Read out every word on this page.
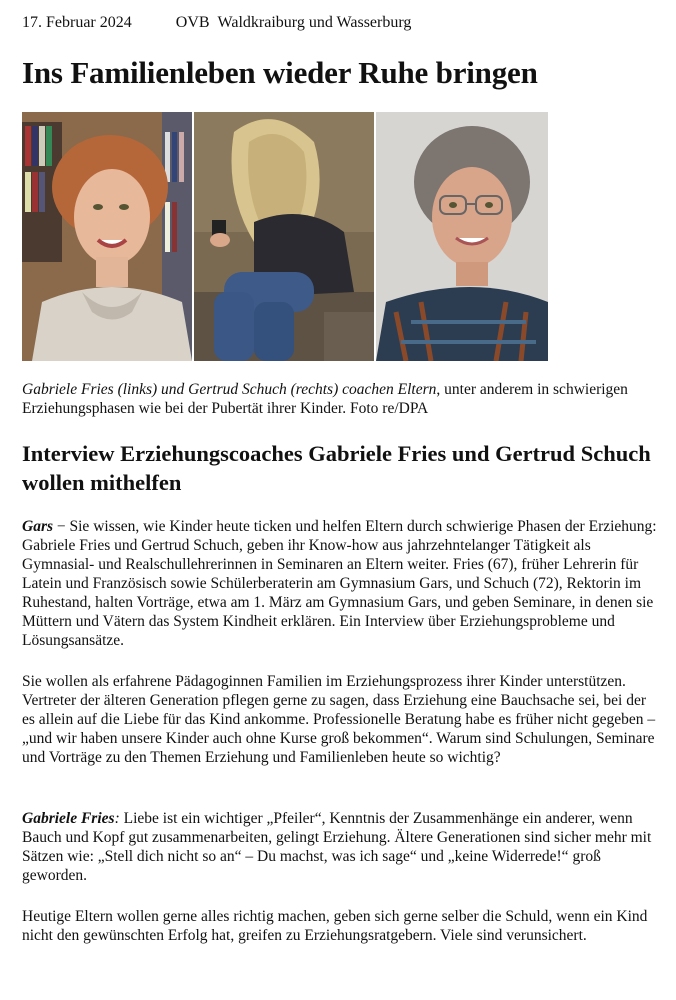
17. Februar 2024	OVB Waldkraiburg und Wasserburg
Ins Familienleben wieder Ruhe bringen
Gabriele Fries (links) und Gertrud Schuch (rechts) coachen Eltern, unter anderem in schwierigen Erziehungsphasen wie bei der Pubertät ihrer Kinder. Foto re/DPA
Interview Erziehungscoaches Gabriele Fries und Gertrud Schuch wollen mithelfen

Gars − Sie wissen, wie Kinder heute ticken und helfen Eltern durch schwierige Phasen der Erziehung: Gabriele Fries und Gertrud Schuch, geben ihr Know-how aus jahrzehntelanger Tätigkeit als Gymnasial- und Realschullehrerinnen in Seminaren an Eltern weiter. Fries (67), früher Lehrerin für Latein und Französisch sowie Schülerberaterin am Gymnasium Gars, und Schuch (72), Rektorin im Ruhestand, halten Vorträge, etwa am 1. März am Gymnasium Gars, und geben Seminare, in denen sie Müttern und Vätern das System Kindheit erklären. Ein Interview über Erziehungsprobleme und Lösungsansätze.

Sie wollen als erfahrene Pädagoginnen Familien im Erziehungsprozess ihrer Kinder unterstützen. Vertreter der älteren Generation pflegen gerne zu sagen, dass Erziehung eine Bauchsache sei, bei der es allein auf die Liebe für das Kind ankomme. Professionelle Beratung habe es früher nicht gegeben – „und wir haben unsere Kinder auch ohne Kurse groß bekommen“. Warum sind Schulungen, Seminare und Vorträge zu den Themen Erziehung und Familienleben heute so wichtig?

Gabriele Fries: Liebe ist ein wichtiger „Pfeiler“, Kenntnis der Zusammenhänge ein anderer, wenn Bauch und Kopf gut zusammenarbeiten, gelingt Erziehung. Ältere Generationen sind sicher mehr mit Sätzen wie: „Stell dich nicht so an“ – Du machst, was ich sage“ und „keine Widerrede!“ groß geworden.

Heutige Eltern wollen gerne alles richtig machen, geben sich gerne selber die Schuld, wenn ein Kind nicht den gewünschten Erfolg hat, greifen zu Erziehungsratgebern. Viele sind verunsichert.
